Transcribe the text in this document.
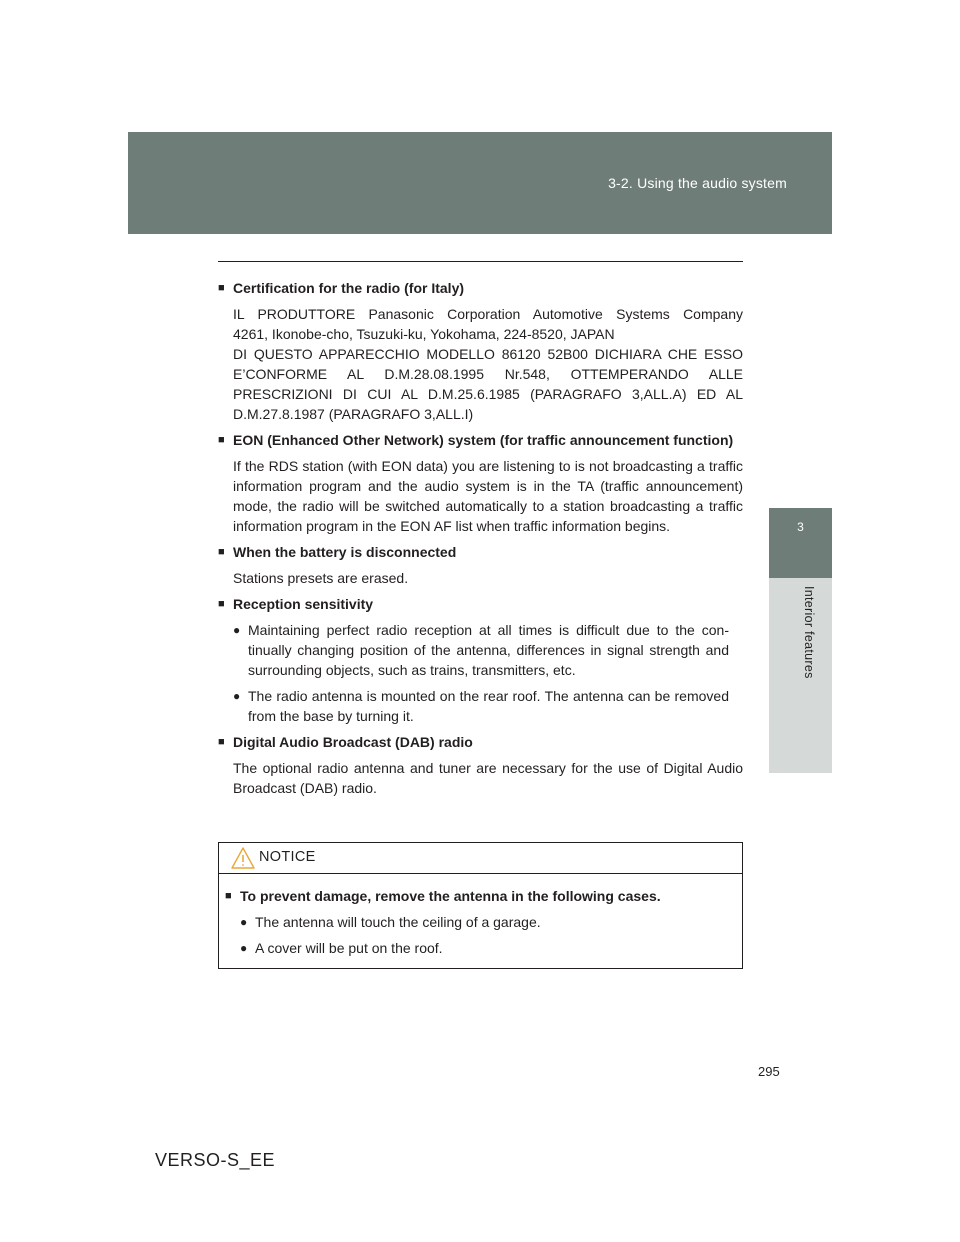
3-2. Using the audio system
3
Interior features
■ Certification for the radio (for Italy)
IL PRODUTTORE Panasonic Corporation Automotive Systems Company
4261, Ikonobe-cho, Tsuzuki-ku, Yokohama, 224-8520, JAPAN
DI QUESTO APPARECCHIO MODELLO 86120 52B00 DICHIARA CHE ESSO E’CONFORME AL D.M.28.08.1995 Nr.548, OTTEMPERANDO ALLE PRESCRIZIONI DI CUI AL D.M.25.6.1985 (PARAGRAFO 3,ALL.A) ED AL D.M.27.8.1987 (PARAGRAFO 3,ALL.I)
■ EON (Enhanced Other Network) system (for traffic announcement function)
If the RDS station (with EON data) you are listening to is not broadcasting a traffic information program and the audio system is in the TA (traffic announcement) mode, the radio will be switched automatically to a station broadcasting a traffic information program in the EON AF list when traffic information begins.
■ When the battery is disconnected
Stations presets are erased.
■ Reception sensitivity
● Maintaining perfect radio reception at all times is difficult due to the con-tinually changing position of the antenna, differences in signal strength and surrounding objects, such as trains, transmitters, etc.
● The radio antenna is mounted on the rear roof. The antenna can be removed from the base by turning it.
■ Digital Audio Broadcast (DAB) radio
The optional radio antenna and tuner are necessary for the use of Digital Audio Broadcast (DAB) radio.
NOTICE
■ To prevent damage, remove the antenna in the following cases.
● The antenna will touch the ceiling of a garage.
● A cover will be put on the roof.
295
VERSO-S_EE
